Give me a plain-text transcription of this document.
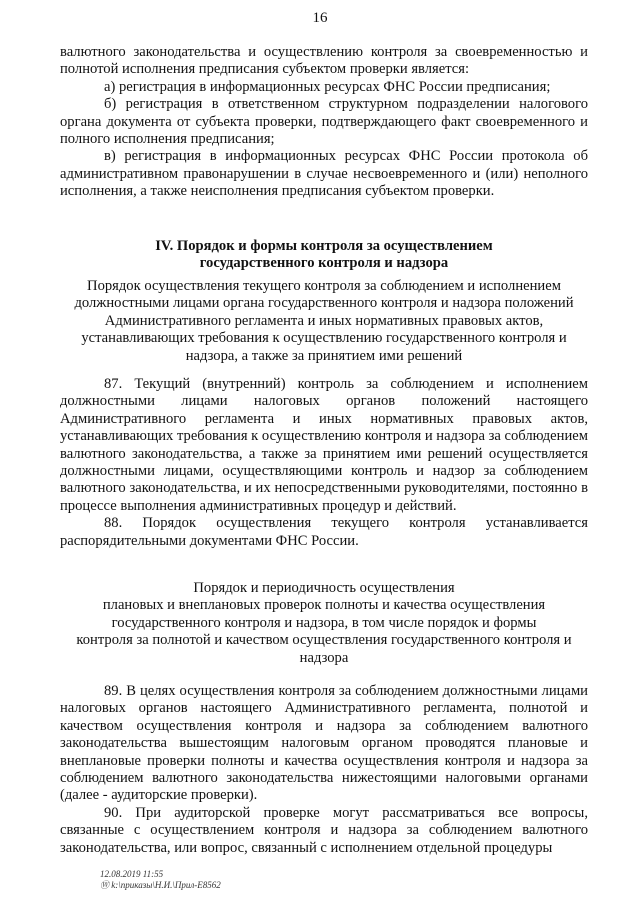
16

валютного законодательства и осуществлению контроля за своевременностью и полнотой исполнения предписания субъектом проверки является:

а) регистрация в информационных ресурсах ФНС России предписания;

б) регистрация в ответственном структурном подразделении налогового органа документа от субъекта проверки, подтверждающего факт своевременного и полного исполнения предписания;

в) регистрация в информационных ресурсах ФНС России протокола об административном правонарушении в случае несвоевременного и (или) неполного исполнения, а также неисполнения предписания субъектом проверки.

IV. Порядок и формы контроля за осуществлением
государственного контроля и надзора
Порядок осуществления текущего контроля за соблюдением и исполнением
должностными лицами органа государственного контроля и надзора положений
Административного регламента и иных нормативных правовых актов,
устанавливающих требования к осуществлению государственного контроля и
надзора, а также за принятием ими решений

87. Текущий (внутренний) контроль за соблюдением и исполнением должностными лицами налоговых органов положений настоящего Административного регламента и иных нормативных правовых актов, устанавливающих требования к осуществлению контроля и надзора за соблюдением валютного законодательства, а также за принятием ими решений осуществляется должностными лицами, осуществляющими контроль и надзор за соблюдением валютного законодательства, и их непосредственными руководителями, постоянно в процессе выполнения административных процедур и действий.

88. Порядок осуществления текущего контроля устанавливается распорядительными документами ФНС России.

Порядок и периодичность осуществления
плановых и внеплановых проверок полноты и качества осуществления
государственного контроля и надзора, в том числе порядок и формы
контроля за полнотой и качеством осуществления государственного контроля и
надзора

89. В целях осуществления контроля за соблюдением должностными лицами налоговых органов настоящего Административного регламента, полнотой и качеством осуществления контроля и надзора за соблюдением валютного законодательства вышестоящим налоговым органом проводятся плановые и внеплановые проверки полноты и качества осуществления контроля и надзора за соблюдением валютного законодательства нижестоящими налоговыми органами (далее - аудиторские проверки).

90. При аудиторской проверке могут рассматриваться все вопросы, связанные с осуществлением контроля и надзора за соблюдением валютного законодательства, или вопрос, связанный с исполнением отдельной процедуры

12.08.2019 11:55
Ⓦ k:\приказы\Н.И.\Прил-E8562
